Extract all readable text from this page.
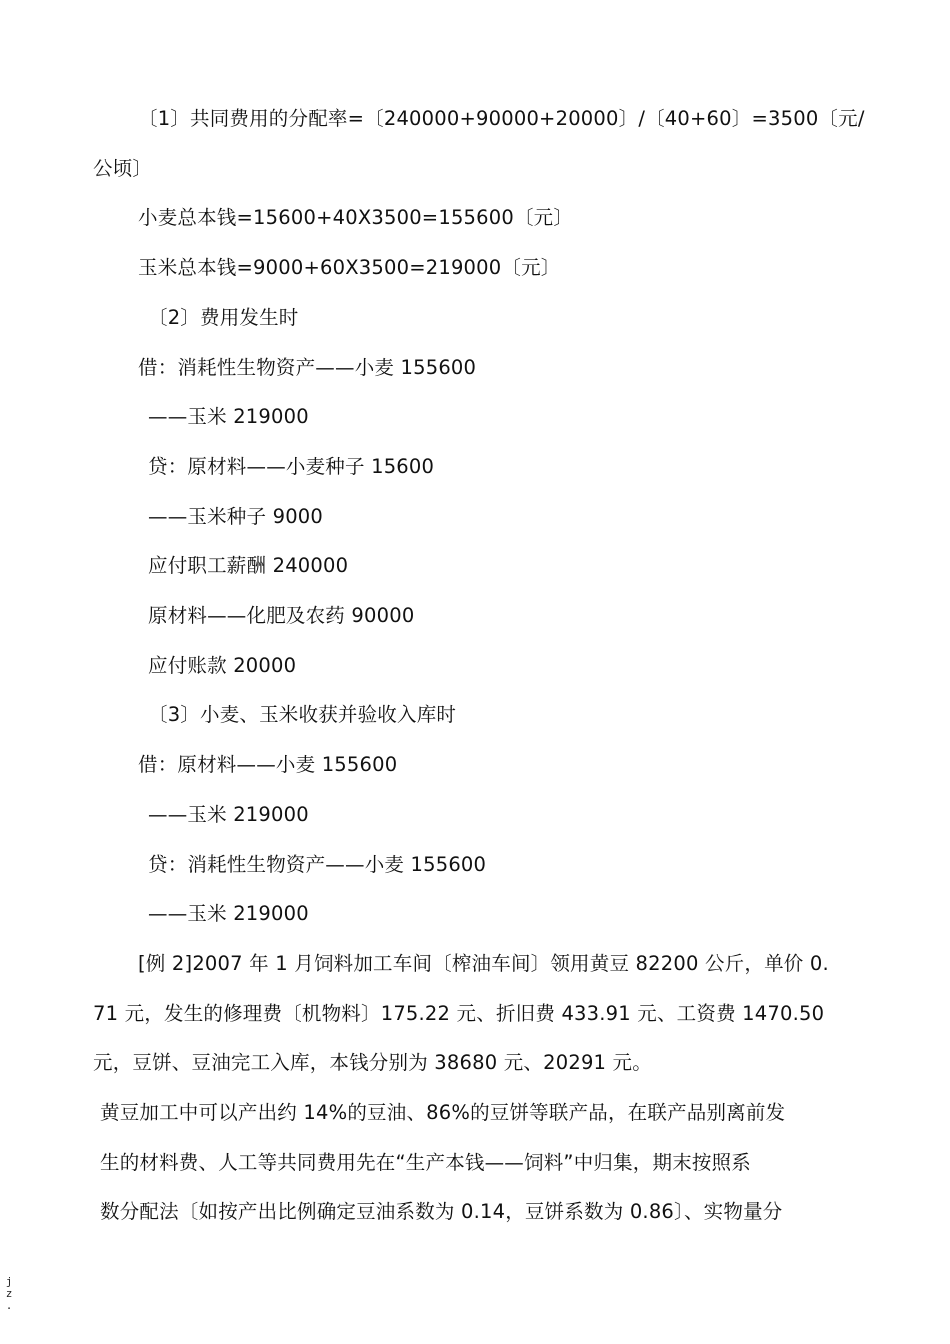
〔1〕共同费用的分配率=〔240000+90000+20000〕/〔40+60〕=3500〔元/
公顷〕
小麦总本钱=15600+40X3500=155600〔元〕
玉米总本钱=9000+60X3500=219000〔元〕
〔2〕费用发生时
借：消耗性生物资产——小麦 155600
——玉米 219000
贷：原材料——小麦种子 15600
——玉米种子 9000
应付职工薪酬 240000
原材料——化肥及农药 90000
应付账款 20000
〔3〕小麦、玉米收获并验收入库时
借：原材料——小麦 155600
——玉米 219000
贷：消耗性生物资产——小麦 155600
——玉米 219000
[例 2]2007 年 1 月饲料加工车间〔榨油车间〕领用黄豆 82200 公斤，单价 0.
71 元，发生的修理费〔机物料〕175.22 元、折旧费 433.91 元、工资费 1470.50
元，豆饼、豆油完工入库，本钱分别为 38680 元、20291 元。
黄豆加工中可以产出约 14%的豆油、86%的豆饼等联产品，在联产品别离前发
生的材料费、人工等共同费用先在“生产本钱——饲料”中归集，期末按照系
数分配法〔如按产出比例确定豆油系数为 0.14，豆饼系数为 0.86〕、实物量分
j
z
.
